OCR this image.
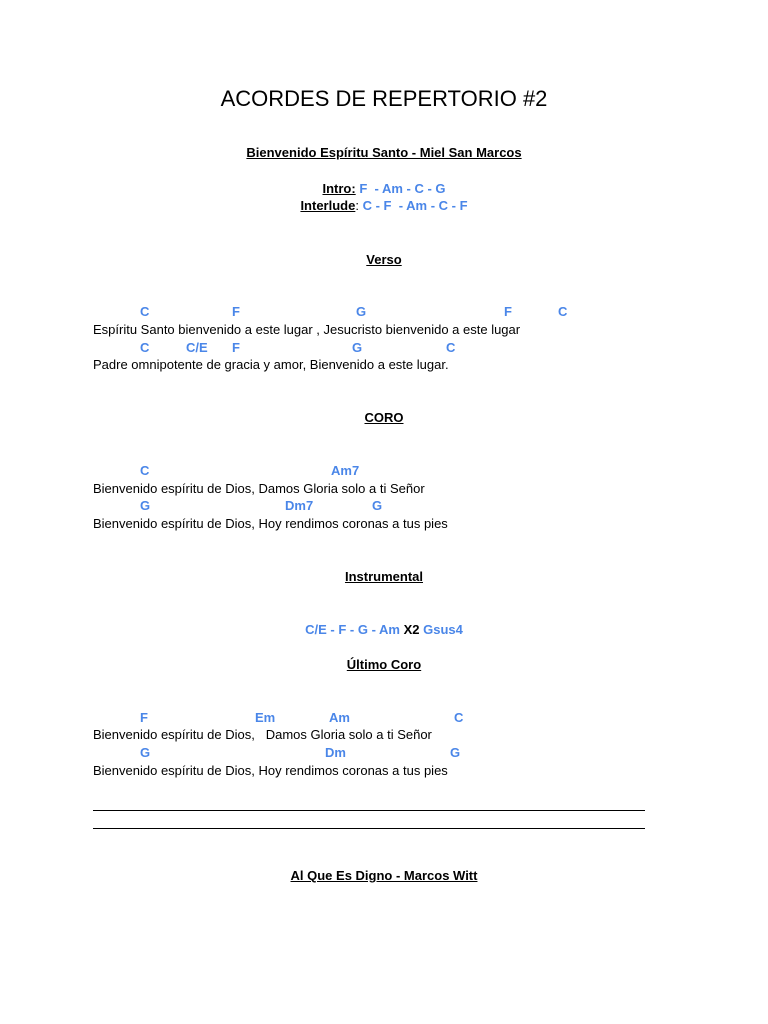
ACORDES DE REPERTORIO #2
Bienvenido Espíritu Santo - Miel San Marcos
Intro: F  - Am - C - G
Interlude: C - F  - Am - C - F
Verso
C	F	G	F	C
Espíritu Santo bienvenido a este lugar , Jesucristo bienvenido a este lugar
C	C/E F	G	C
Padre omnipotente de gracia y amor, Bienvenido a este lugar.
CORO
C	Am7
Bienvenido espíritu de Dios, Damos Gloria solo a ti Señor
G	Dm7	G
Bienvenido espíritu de Dios, Hoy rendimos coronas a tus pies
Instrumental
C/E - F - G - Am X2 Gsus4
Último Coro
F	Em	Am	C
Bienvenido espíritu de Dios,   Damos Gloria solo a ti Señor
G	Dm	G
Bienvenido espíritu de Dios, Hoy rendimos coronas a tus pies
Al Que Es Digno - Marcos Witt
